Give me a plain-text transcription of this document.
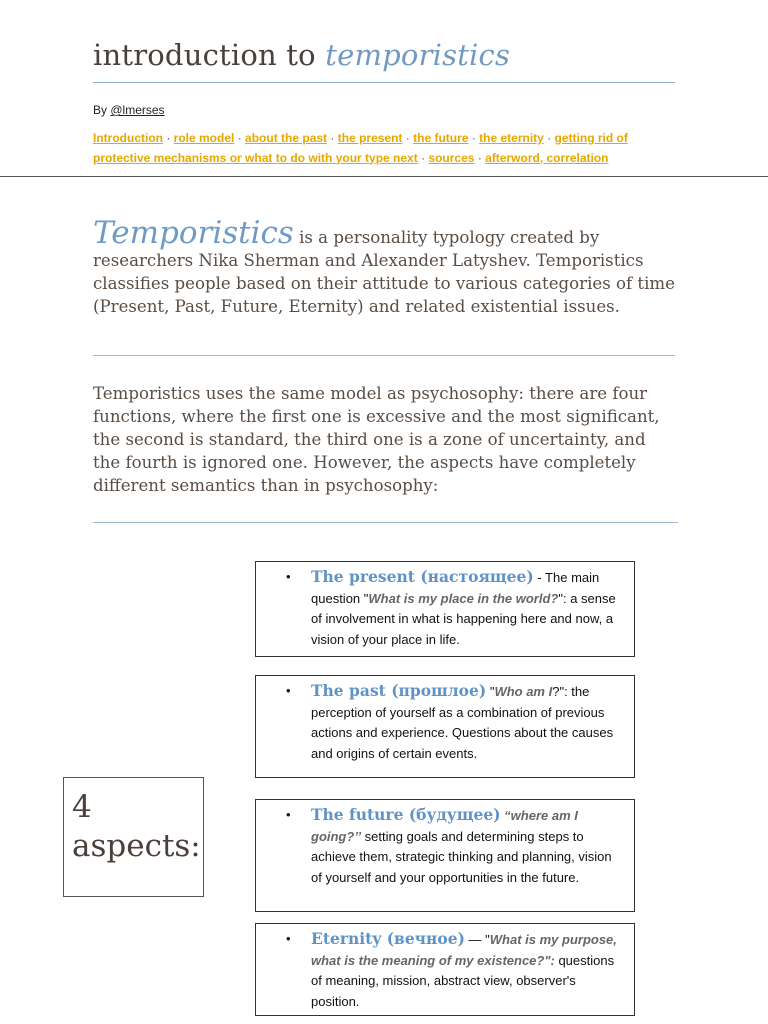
introduction to temporistics
By @lmerses
Introduction · role model · about the past · the present · the future · the eternity · getting rid of protective mechanisms or what to do with your type next · sources · afterword, correlation

Temporistics is a personality typology created by researchers Nika Sherman and Alexander Latyshev. Temporistics classifies people based on their attitude to various categories of time (Present, Past, Future, Eternity) and related existential issues.

Temporistics uses the same model as psychosophy: there are four functions, where the first one is excessive and the most significant, the second is standard, the third one is a zone of uncertainty, and the fourth is ignored one. However, the aspects have completely different semantics than in psychosophy:

4
aspects:
• The present (настоящее) - The main question "What is my place in the world?": a sense of involvement in what is happening here and now, a vision of your place in life.
• The past (прошлое) "Who am I?": the perception of yourself as a combination of previous actions and experience. Questions about the causes and origins of certain events.
• The future (будущее) “where am I going?’’ setting goals and determining steps to achieve them, strategic thinking and planning, vision of yourself and your opportunities in the future.
• Eternity (вечное) — "What is my purpose, what is the meaning of my existence?": questions of meaning, mission, abstract view, observer's position.
